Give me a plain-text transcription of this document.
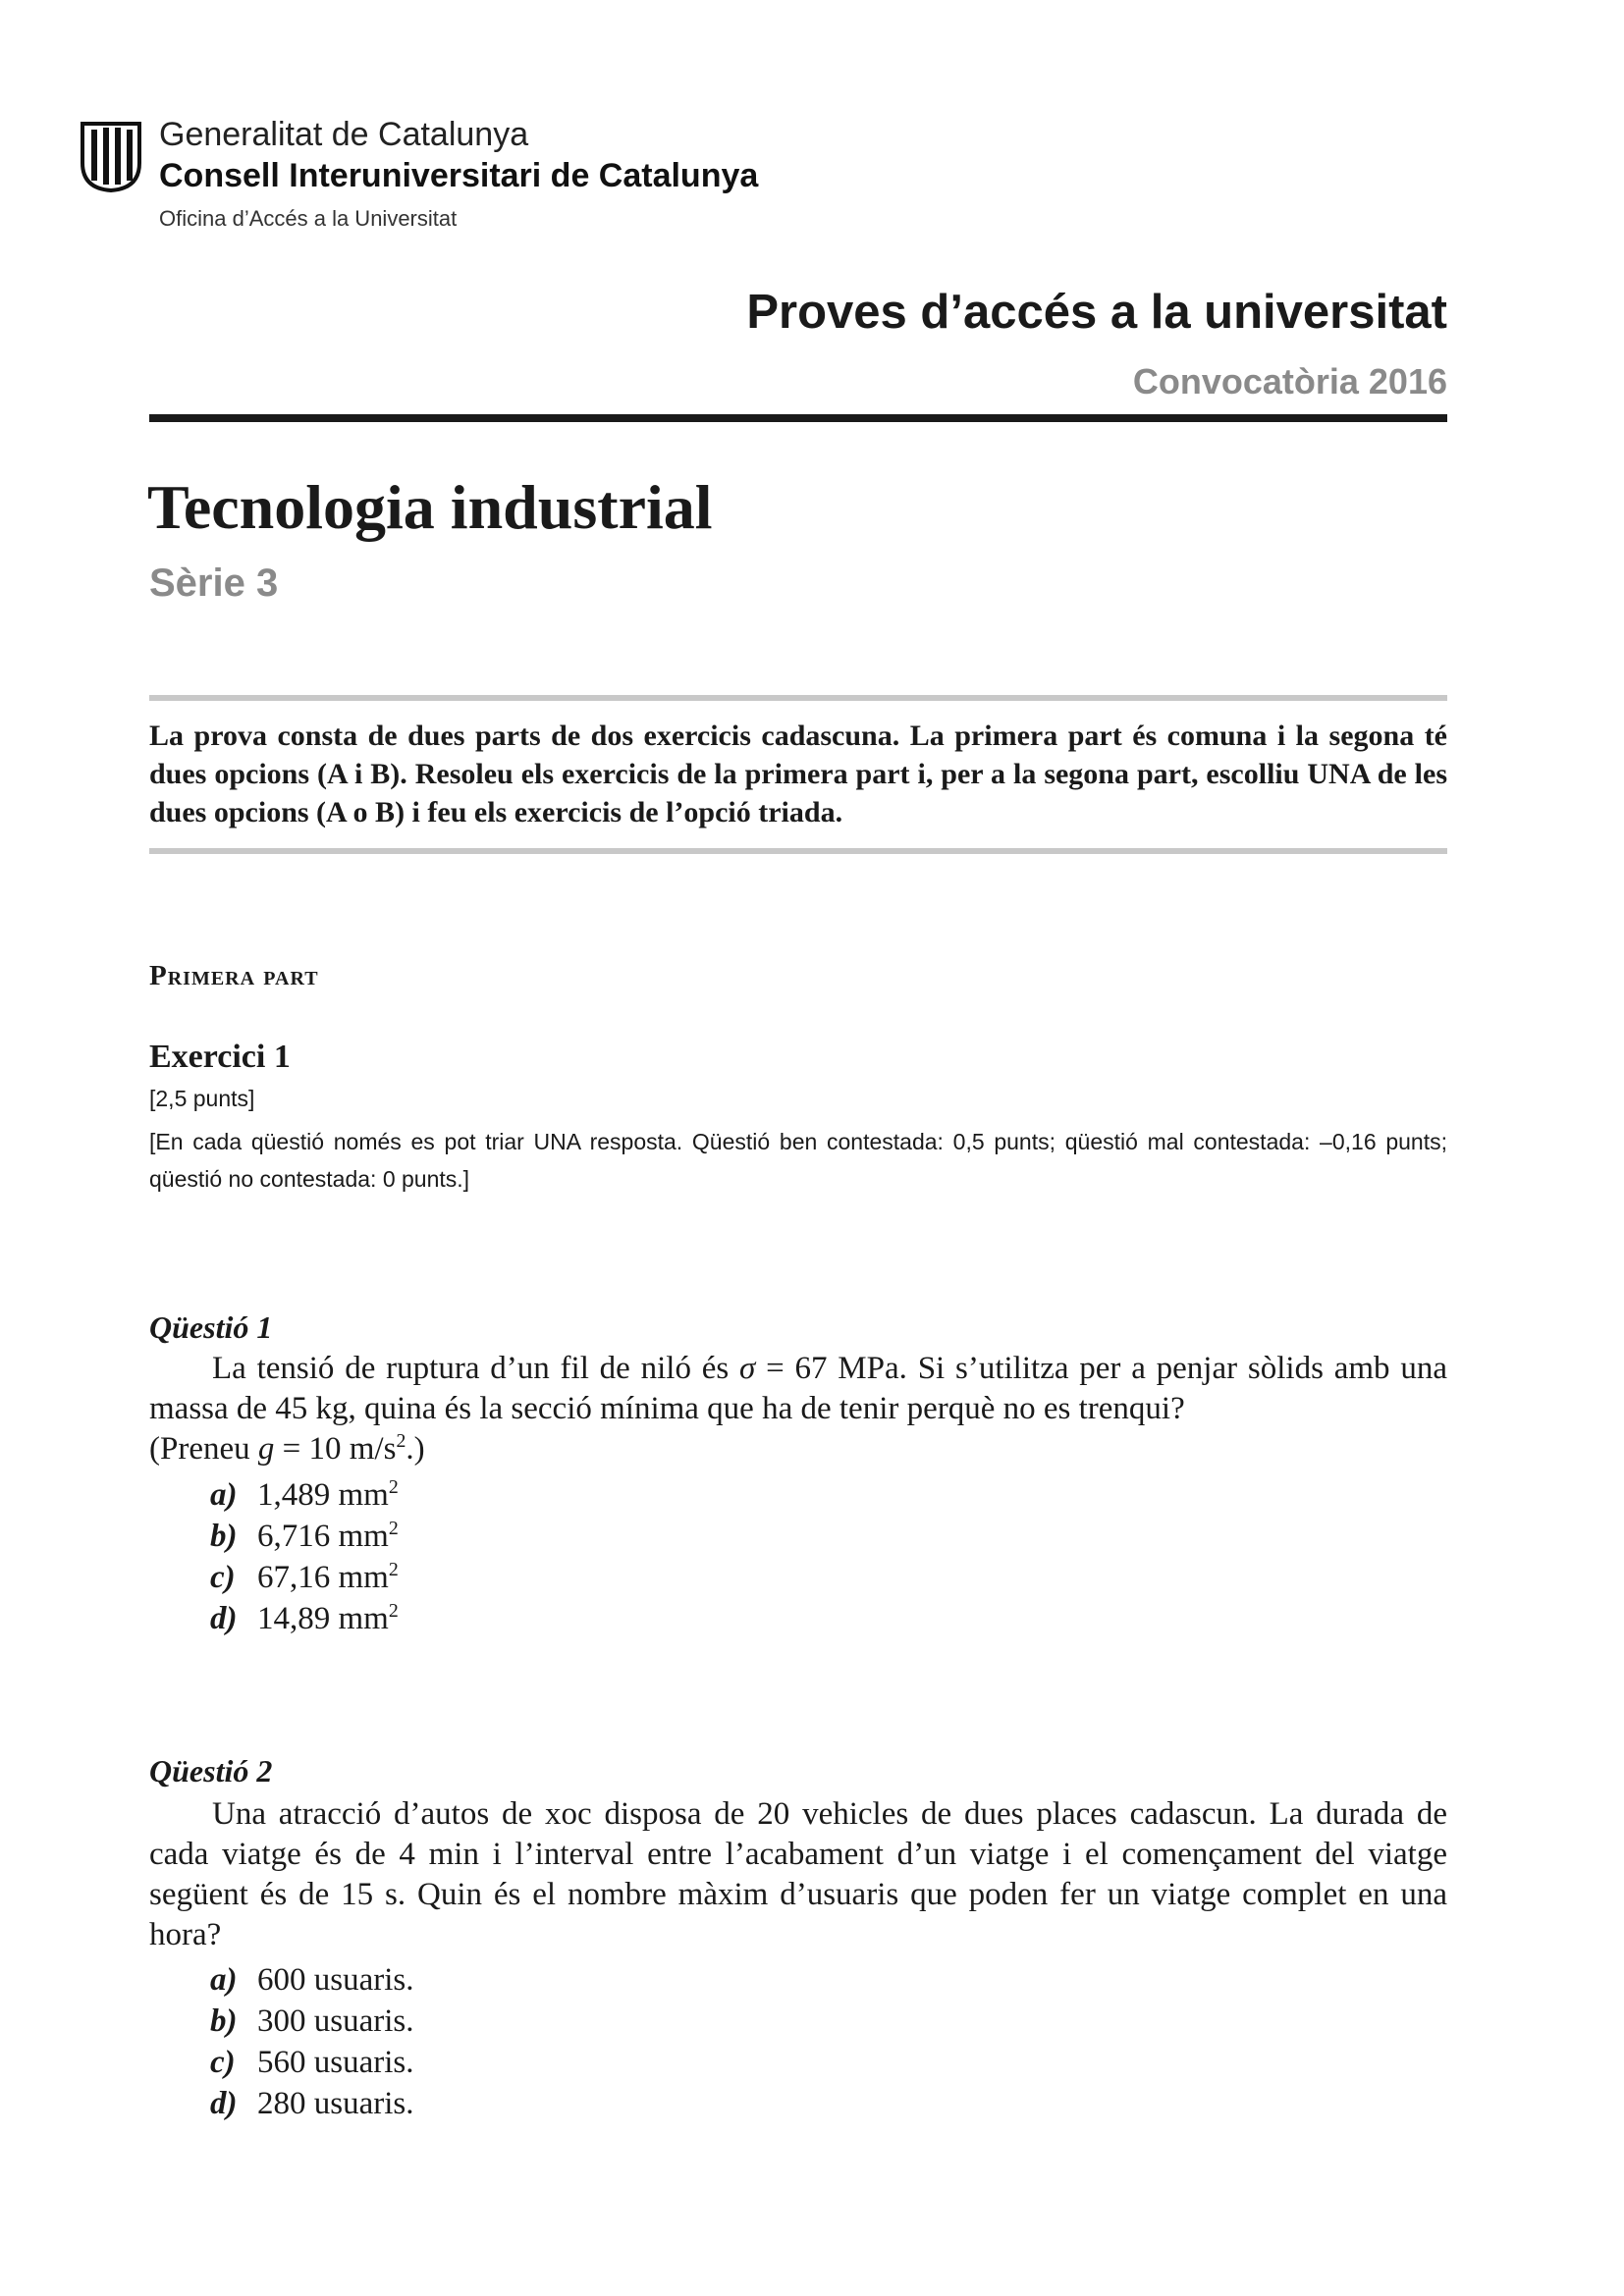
Generalitat de Catalunya
Consell Interuniversitari de Catalunya
Oficina d’Accés a la Universitat
Proves d’accés a la universitat
Convocatòria 2016
Tecnologia industrial
Sèrie 3
La prova consta de dues parts de dos exercicis cadascuna. La primera part és comuna i la segona té dues opcions (A i B). Resoleu els exercicis de la primera part i, per a la segona part, escolliu UNA de les dues opcions (A o B) i feu els exercicis de l’opció triada.
Primera part
Exercici 1
[2,5 punts]
[En cada qüestió només es pot triar UNA resposta. Qüestió ben contestada: 0,5 punts; qüestió mal contestada: –0,16 punts; qüestió no contestada: 0 punts.]
Qüestió 1
La tensió de ruptura d’un fil de niló és σ = 67 MPa. Si s’utilitza per a penjar sòlids amb una massa de 45 kg, quina és la secció mínima que ha de tenir perquè no es trenqui?
(Preneu g = 10 $m/s^2$.)
a) 1,489 $mm^2$
b) 6,716 $mm^2$
c) 67,16 $mm^2$
d) 14,89 $mm^2$
Qüestió 2
Una atracció d’autos de xoc disposa de 20 vehicles de dues places cadascun. La durada de cada viatge és de 4 min i l’interval entre l’acabament d’un viatge i el començament del viatge següent és de 15 s. Quin és el nombre màxim d’usuaris que poden fer un viatge complet en una hora?
a) 600 usuaris.
b) 300 usuaris.
c) 560 usuaris.
d) 280 usuaris.
